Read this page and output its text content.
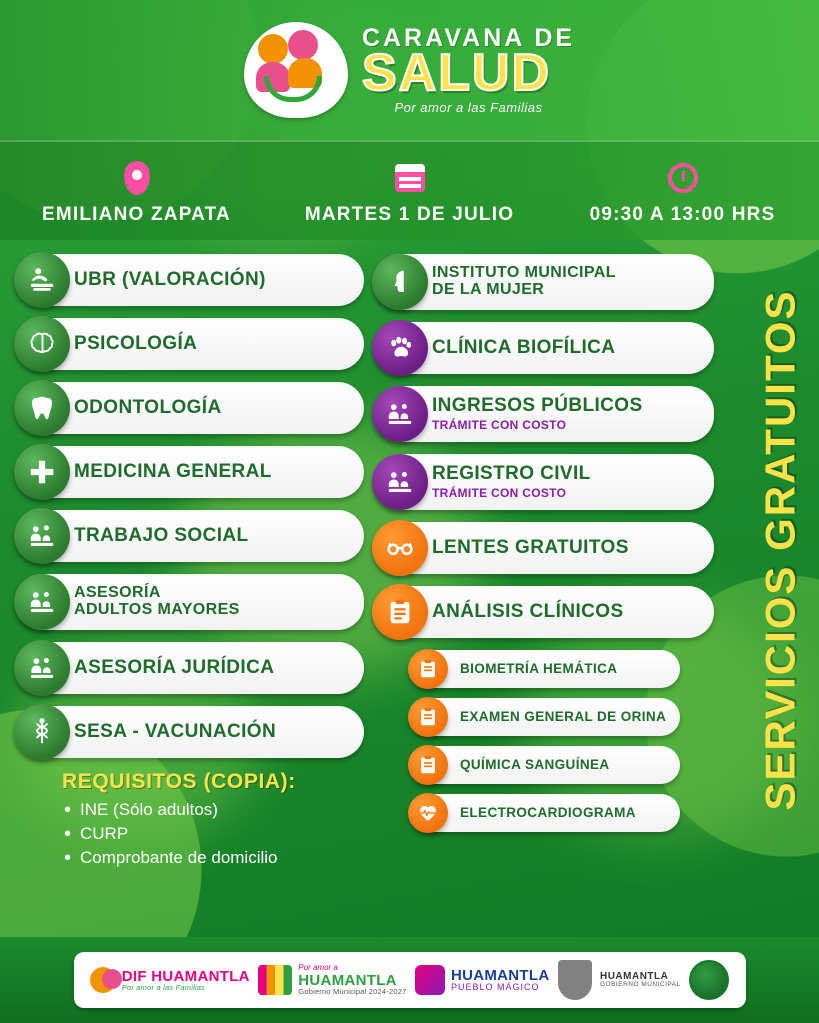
CARAVANA DE
SALUD
Por amor a las Familias
EMILIANO ZAPATA	MARTES 1 DE JULIO	09:30 A 13:00 HRS
SERVICIOS GRATUITOS
UBR (VALORACIÓN)
PSICOLOGÍA
ODONTOLOGÍA
MEDICINA GENERAL
TRABAJO SOCIAL
ASESORÍA
ADULTOS MAYORES
ASESORÍA JURÍDICA
SESA - VACUNACIÓN
REQUISITOS (COPIA):
• INE (Sólo adultos)
• CURP
• Comprobante de domicilio
INSTITUTO MUNICIPAL
DE LA MUJER
CLÍNICA BIOFÍLICA
INGRESOS PÚBLICOS
TRÁMITE CON COSTO
REGISTRO CIVIL
TRÁMITE CON COSTO
LENTES GRATUITOS
ANÁLISIS CLÍNICOS
BIOMETRÍA HEMÁTICA
EXAMEN GENERAL DE ORINA
QUÍMICA SANGUÍNEA
ELECTROCARDIOGRAMA
DIF HUAMANTLA
Por amor a las Familias
Por amor a
HUAMANTLA
Gobierno Municipal 2024-2027
HUAMANTLA
PUEBLO MÁGICO
HUAMANTLA
GOBIERNO MUNICIPAL
